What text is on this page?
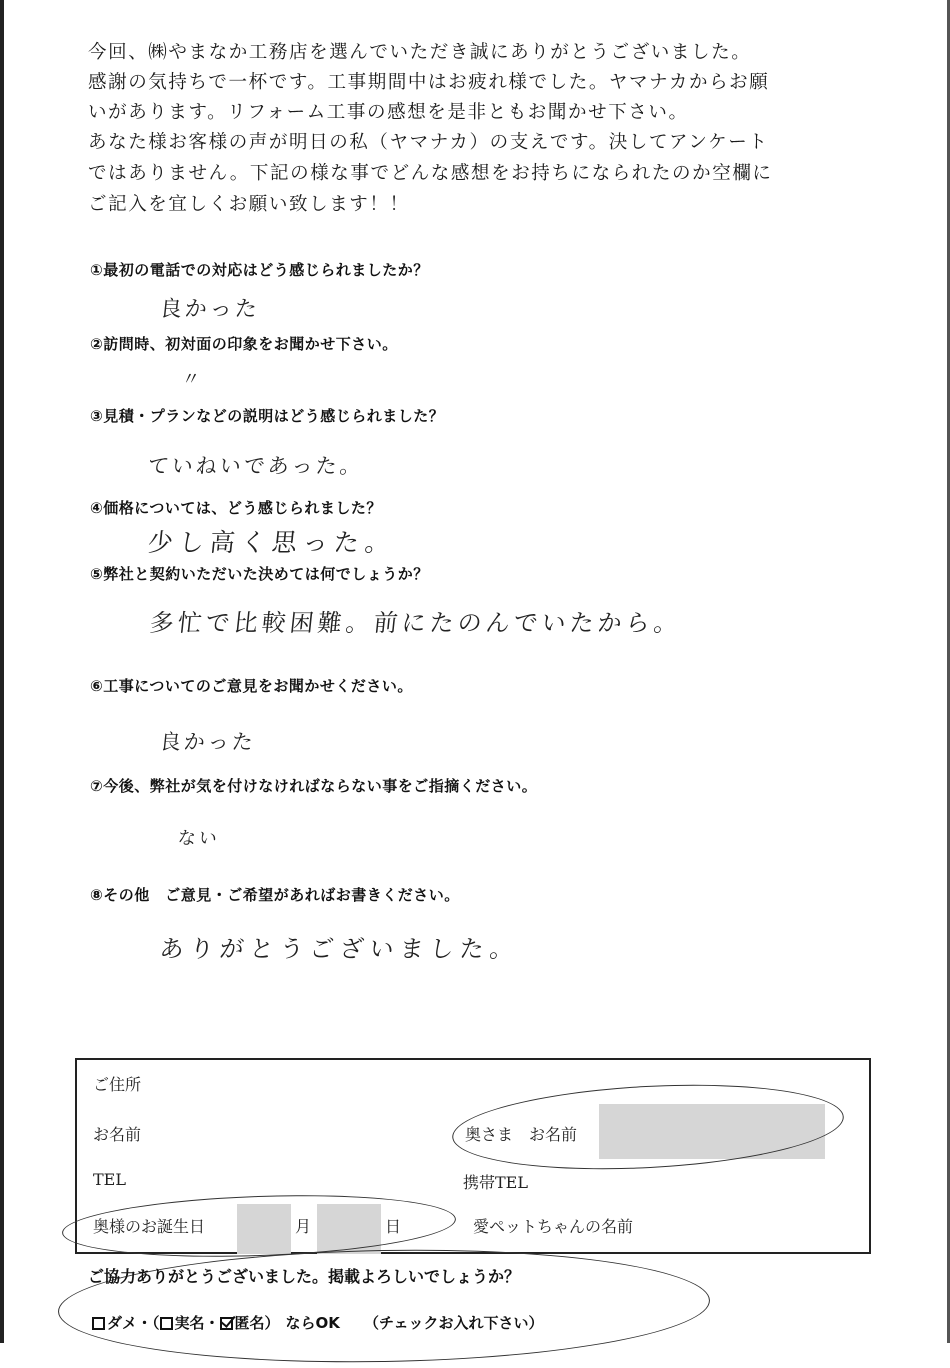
今回、㈱やまなか工務店を選んでいただき誠にありがとうございました。
感謝の気持ちで一杯です。工事期間中はお疲れ様でした。ヤマナカからお願
いがあります。リフォーム工事の感想を是非ともお聞かせ下さい。
あなた様お客様の声が明日の私（ヤマナカ）の支えです。決してアンケート
ではありません。下記の様な事でどんな感想をお持ちになられたのか空欄に
ご記入を宜しくお願い致します！！
①最初の電話での対応はどう感じられましたか？
良かった
②訪問時、初対面の印象をお聞かせ下さい。
〃
③見積・プランなどの説明はどう感じられました？
ていねいであった。
④価格については、どう感じられました？
少し高く思った。
⑤弊社と契約いただいた決めては何でしょうか？
多忙で比較困難。前にたのんでいたから。
⑥工事についてのご意見をお聞かせください。
良かった
⑦今後、弊社が気を付けなければならない事をご指摘ください。
ない
⑧その他　ご意見・ご希望があればお書きください。
ありがとうございました。
ご住所
お名前	奥さま　お名前
TEL	携帯TEL
奥様のお誕生日	月	日	愛ペットちゃんの名前
ご協力ありがとうございました。掲載よろしいでしょうか？
ダメ・（ 実名・ 匿名） ならOK （チェックお入れ下さい）
